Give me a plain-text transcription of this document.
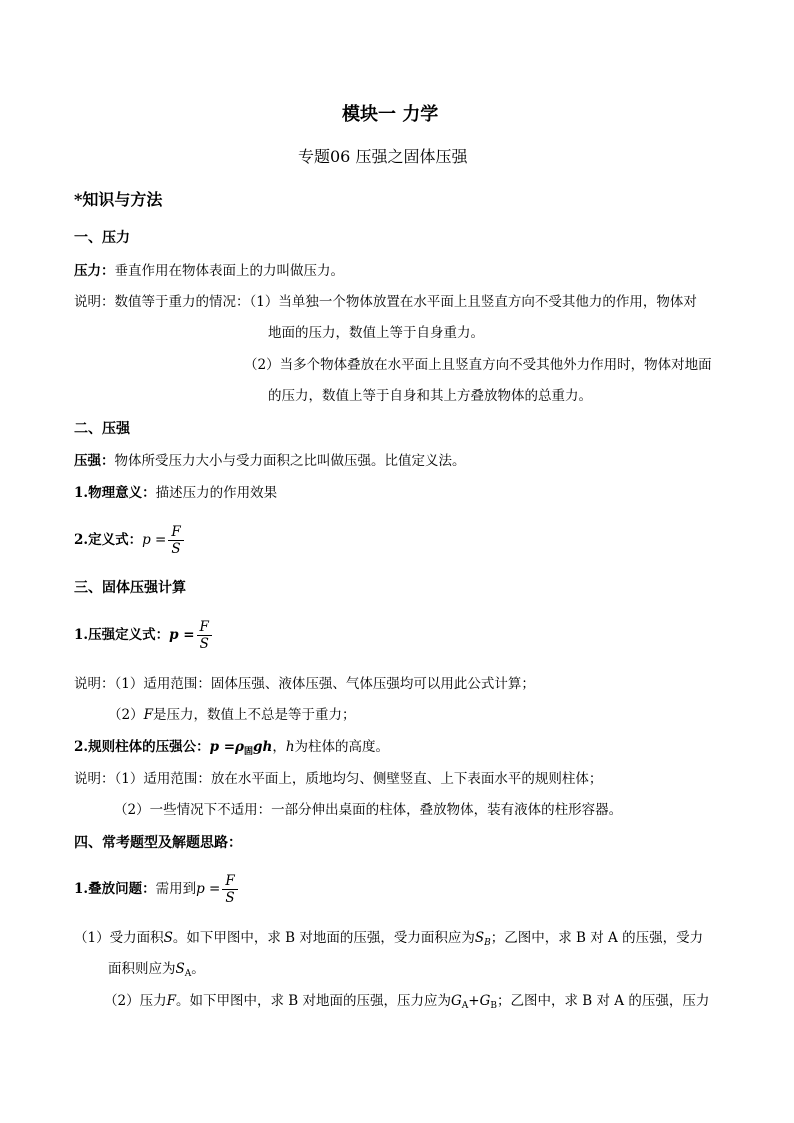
模块一 力学
专题06 压强之固体压强
*知识与方法
一、压力
压力：垂直作用在物体表面上的力叫做压力。
说明：数值等于重力的情况：（1）当单独一个物体放置在水平面上且竖直方向不受其他力的作用，物体对
地面的压力，数值上等于自身重力。
（2）当多个物体叠放在水平面上且竖直方向不受其他外力作用时，物体对地面
的压力，数值上等于自身和其上方叠放物体的总重力。
二、压强
压强：物体所受压力大小与受力面积之比叫做压强。比值定义法。
1.物理意义：描述压力的作用效果
2.定义式：$p = \frac{F}{S}$
三、固体压强计算
1.压强定义式：$p = \frac{F}{S}$
说明：（1）适用范围：固体压强、液体压强、气体压强均可以用此公式计算；
（2）F是压力，数值上不总是等于重力；
2.规则柱体的压强公：$p =\rho_固gh$，h为柱体的高度。
说明：（1）适用范围：放在水平面上，质地均匀、侧壁竖直、上下表面水平的规则柱体；
（2）一些情况下不适用：一部分伸出桌面的柱体，叠放物体，装有液体的柱形容器。
四、常考题型及解题思路：
1.叠放问题：需用到$p = \frac{F}{S}$
（1）受力面积S。如下甲图中，求 B 对地面的压强，受力面积应为$S_B$；乙图中，求 B 对 A 的压强，受力
面积则应为$S_A$。
（2）压力F。如下甲图中，求 B 对地面的压强，压力应为$G_A+G_B$；乙图中，求 B 对 A 的压强，压力
